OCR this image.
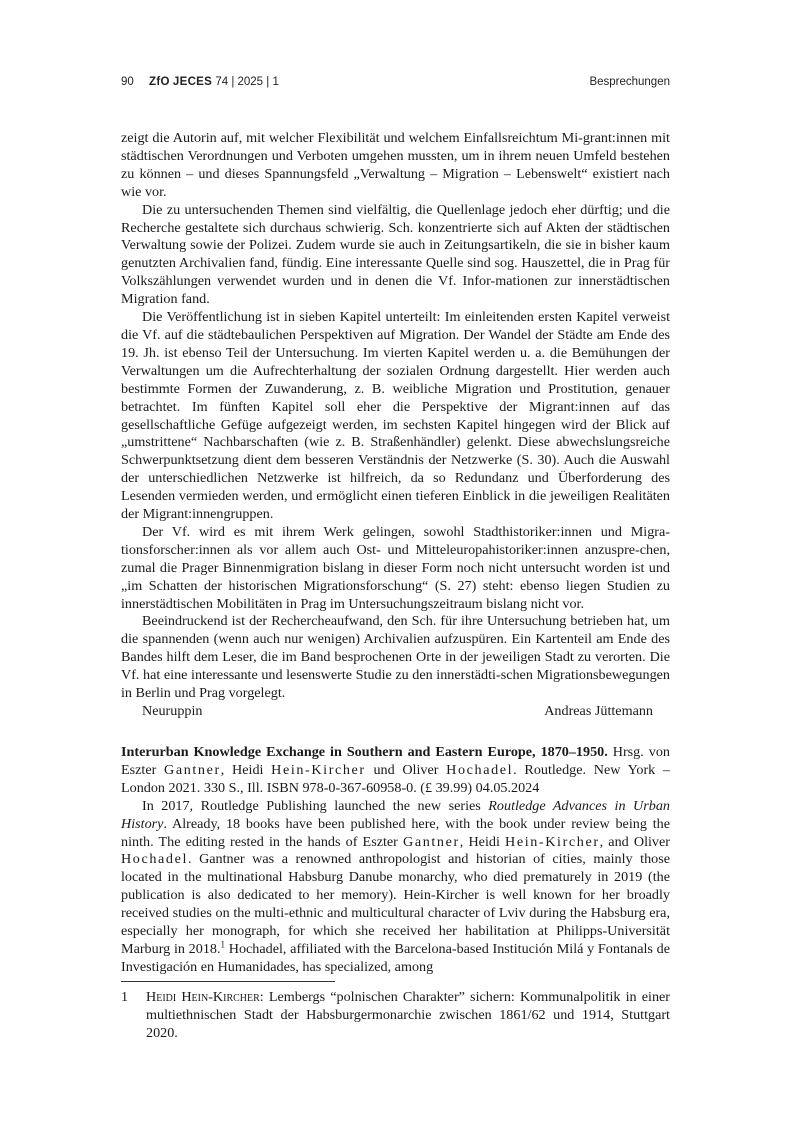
90 ZfO JECES 74 | 2025 | 1	Besprechungen

zeigt die Autorin auf, mit welcher Flexibilität und welchem Einfallsreichtum Mi-grant:innen mit städtischen Verordnungen und Verboten umgehen mussten, um in ihrem neuen Umfeld bestehen zu können – und dieses Spannungsfeld „Verwaltung – Migration – Lebenswelt“ existiert nach wie vor.

Die zu untersuchenden Themen sind vielfältig, die Quellenlage jedoch eher dürftig; und die Recherche gestaltete sich durchaus schwierig. Sch. konzentrierte sich auf Akten der städtischen Verwaltung sowie der Polizei. Zudem wurde sie auch in Zeitungsartikeln, die sie in bisher kaum genutzten Archivalien fand, fündig. Eine interessante Quelle sind sog. Hauszettel, die in Prag für Volkszählungen verwendet wurden und in denen die Vf. Infor-mationen zur innerstädtischen Migration fand.

Die Veröffentlichung ist in sieben Kapitel unterteilt: Im einleitenden ersten Kapitel verweist die Vf. auf die städtebaulichen Perspektiven auf Migration. Der Wandel der Städte am Ende des 19. Jh. ist ebenso Teil der Untersuchung. Im vierten Kapitel werden u. a. die Bemühungen der Verwaltungen um die Aufrechterhaltung der sozialen Ordnung dargestellt. Hier werden auch bestimmte Formen der Zuwanderung, z. B. weibliche Migration und Prostitution, genauer betrachtet. Im fünften Kapitel soll eher die Perspektive der Migrant:innen auf das gesellschaftliche Gefüge aufgezeigt werden, im sechsten Kapitel hingegen wird der Blick auf „umstrittene“ Nachbarschaften (wie z. B. Straßenhändler) gelenkt. Diese abwechslungsreiche Schwerpunktsetzung dient dem besseren Verständnis der Netzwerke (S. 30). Auch die Auswahl der unterschiedlichen Netzwerke ist hilfreich, da so Redundanz und Überforderung des Lesenden vermieden werden, und ermöglicht einen tieferen Einblick in die jeweiligen Realitäten der Migrant:innengruppen.

Der Vf. wird es mit ihrem Werk gelingen, sowohl Stadthistoriker:innen und Migra-tionsforscher:innen als vor allem auch Ost- und Mitteleuropahistoriker:innen anzuspre-chen, zumal die Prager Binnenmigration bislang in dieser Form noch nicht untersucht worden ist und „im Schatten der historischen Migrationsforschung“ (S. 27) steht: ebenso liegen Studien zu innerstädtischen Mobilitäten in Prag im Untersuchungszeitraum bislang nicht vor.

Beeindruckend ist der Rechercheaufwand, den Sch. für ihre Untersuchung betrieben hat, um die spannenden (wenn auch nur wenigen) Archivalien aufzuspüren. Ein Kartenteil am Ende des Bandes hilft dem Leser, die im Band besprochenen Orte in der jeweiligen Stadt zu verorten. Die Vf. hat eine interessante und lesenswerte Studie zu den innerstädti-schen Migrationsbewegungen in Berlin und Prag vorgelegt.

Neuruppin	Andreas Jüttemann

Interurban Knowledge Exchange in Southern and Eastern Europe, 1870–1950. Hrsg. von Eszter Gantner, Heidi Hein-Kircher und Oliver Hochadel. Routledge. New York – London 2021. 330 S., Ill. ISBN 978-0-367-60958-0. (£ 39.99) 04.05.2024

In 2017, Routledge Publishing launched the new series Routledge Advances in Urban History. Already, 18 books have been published here, with the book under review being the ninth. The editing rested in the hands of Eszter Gantner, Heidi Hein-Kircher, and Oliver Hochadel. Gantner was a renowned anthropologist and historian of cities, mainly those located in the multinational Habsburg Danube monarchy, who died prematurely in 2019 (the publication is also dedicated to her memory). Hein-Kircher is well known for her broadly received studies on the multi-ethnic and multicultural character of Lviv during the Habsburg era, especially her monograph, for which she received her habilitation at Philipps-Universität Marburg in 2018.$^1$ Hochadel, affiliated with the Barcelona-based Institución Milá y Fontanals de Investigación en Humanidades, has specialized, among

1 Heidi Hein-Kircher: Lembergs “polnischen Charakter” sichern: Kommunalpolitik in einer multiethnischen Stadt der Habsburgermonarchie zwischen 1861/62 und 1914, Stuttgart 2020.
